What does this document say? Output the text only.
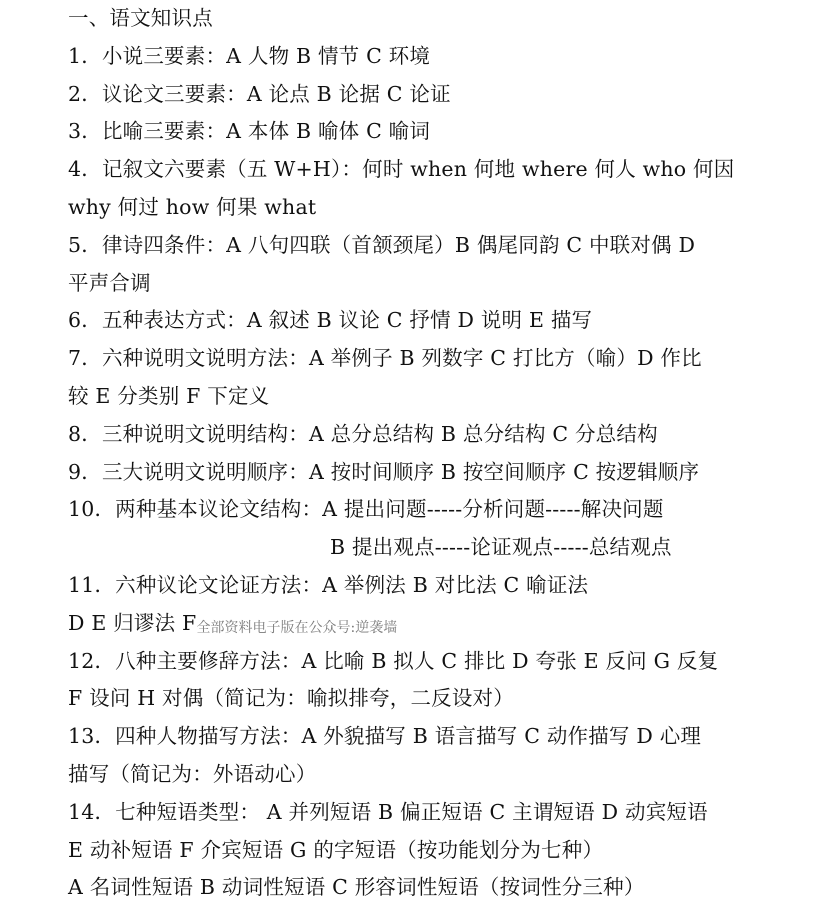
一、语文知识点
1．小说三要素：A 人物 B 情节 C 环境
2．议论文三要素：A 论点 B 论据 C 论证
3．比喻三要素：A 本体 B 喻体 C 喻词
4．记叙文六要素（五 W+H）：何时 when 何地 where 何人 who 何因
why 何过 how 何果 what
5．律诗四条件：A 八句四联（首颔颈尾）B 偶尾同韵 C 中联对偶 D
平声合调
6．五种表达方式：A 叙述 B 议论 C 抒情 D 说明 E 描写
7．六种说明文说明方法：A 举例子 B 列数字 C 打比方（喻）D 作比
较 E 分类别 F 下定义
8．三种说明文说明结构：A 总分总结构 B 总分结构 C 分总结构
9．三大说明文说明顺序：A 按时间顺序 B 按空间顺序 C 按逻辑顺序
10．两种基本议论文结构：A 提出问题-----分析问题-----解决问题
B 提出观点-----论证观点-----总结观点
11．六种议论文论证方法：A 举例法 B 对比法 C 喻证法
D E 归谬法 F全部资料电子版在公众号:逆袭墙
12．八种主要修辞方法：A 比喻 B 拟人 C 排比 D 夸张 E 反问 G 反复
F 设问 H 对偶（简记为：喻拟排夸，二反设对）
13．四种人物描写方法：A 外貌描写 B 语言描写 C 动作描写 D 心理
描写（简记为：外语动心）
14．七种短语类型： A 并列短语 B 偏正短语 C 主谓短语 D 动宾短语
E 动补短语 F 介宾短语 G 的字短语（按功能划分为七种）
A 名词性短语 B 动词性短语 C 形容词性短语（按词性分三种）
